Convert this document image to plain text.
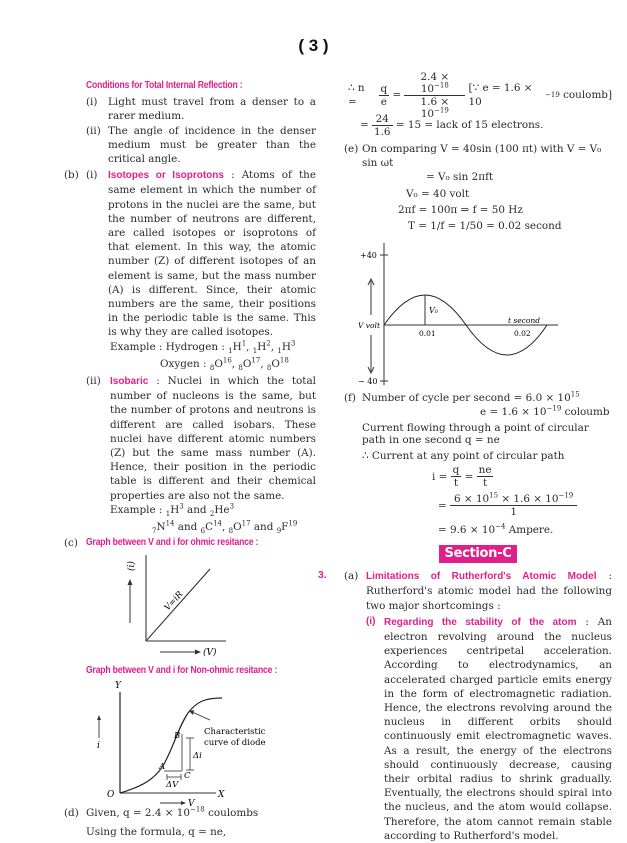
( 3 )
Conditions for Total Internal Reflection :
(i)	Light must travel from a denser to a rarer medium.
(ii) The angle of incidence in the denser medium must be greater than the critical angle.
(b) (i)	Isotopes or Isoprotons : Atoms of the same element in which the number of protons in the nuclei are the same, but the number of neutrons are different, are called isotopes or isoprotons of that element. In this way, the atomic number (Z) of different isotopes of an element is same, but the mass number (A) is different. Since, their atomic numbers are the same, their positions in the periodic table is the same. This is why they are called isotopes.
Example : Hydrogen : $_1H^1$, $_1H^2$, $_1H^3$
Oxygen : $_8O^{16}$, $_8O^{17}$, $_8O^{18}$
(ii) Isobaric : Nuclei in which the total number of nucleons is the same, but the number of protons and neutrons is different are called isobars. These nuclei have different atomic numbers (Z) but the same mass number (A). Hence, their position in the periodic table is different and their chemical properties are also not the same.
Example : $_1H^3$ and $_2He^3$
$_7N^{14}$ and $_6C^{14}$, $_8O^{17}$ and $_9F^{19}$
(c) Graph between V and i for ohmic resitance :
(i)
(V)
V=iR
Graph between V and i for Non-ohmic resitance :
Y
X
O
i
V
A
B
C
Δi
ΔV
Characteristic
curve of diode
(d) Given, $q = 2.4 \times 10^{-18}$ coulombs
Using the formula, q = ne,
∴ n =
	$\frac{q}{e} = \frac{2.4 \times 10^{-18}}{1.6 \times 10^{-19}}$
[∵ e = 1.6 × 10
−19
coulomb]
= $\frac{24}{1.6}$
= 15 = lack of 15 electrons.
(e) On comparing V = 40sin (100 πt) with V = V₀ sin ωt
= V₀ sin 2πft
V₀ = 40 volt
2πf = 100π ⇒ f = 50 Hz
T = 1/f = 1/50 = 0.02 second
+40
− 40
V volt
V₀
0.01
t second
0.02
(f) Number of cycle per second = $6.0 \times 10^{15}$
$e = 1.6 \times 10^{-19}$ coloumb
Current flowing through a point of circular path in one second q = ne
∴ Current at any point of circular path
i =
$\frac{q}{t} = \frac{ne}{t}$
= $\frac{6 \times 10^{15} \times 1.6 \times 10^{-19}}{1}$
= $9.6 \times 10^{-4}$ Ampere.
Section-C
3. (a) Limitations of Rutherford's Atomic Model : Rutherford's atomic model had the following two major shortcomings :
(i) Regarding the stability of the atom : An electron revolving around the nucleus experiences centripetal acceleration. According to electrodynamics, an accelerated charged particle emits energy in the form of electromagnetic radiation. Hence, the electrons revolving around the nucleus in different orbits should continuously emit electromagnetic waves. As a result, the energy of the electrons should continuously decrease, causing their orbital radius to shrink gradually. Eventually, the electrons should spiral into the nucleus, and the atom would collapse. Therefore, the atom cannot remain stable according to Rutherford's model.
